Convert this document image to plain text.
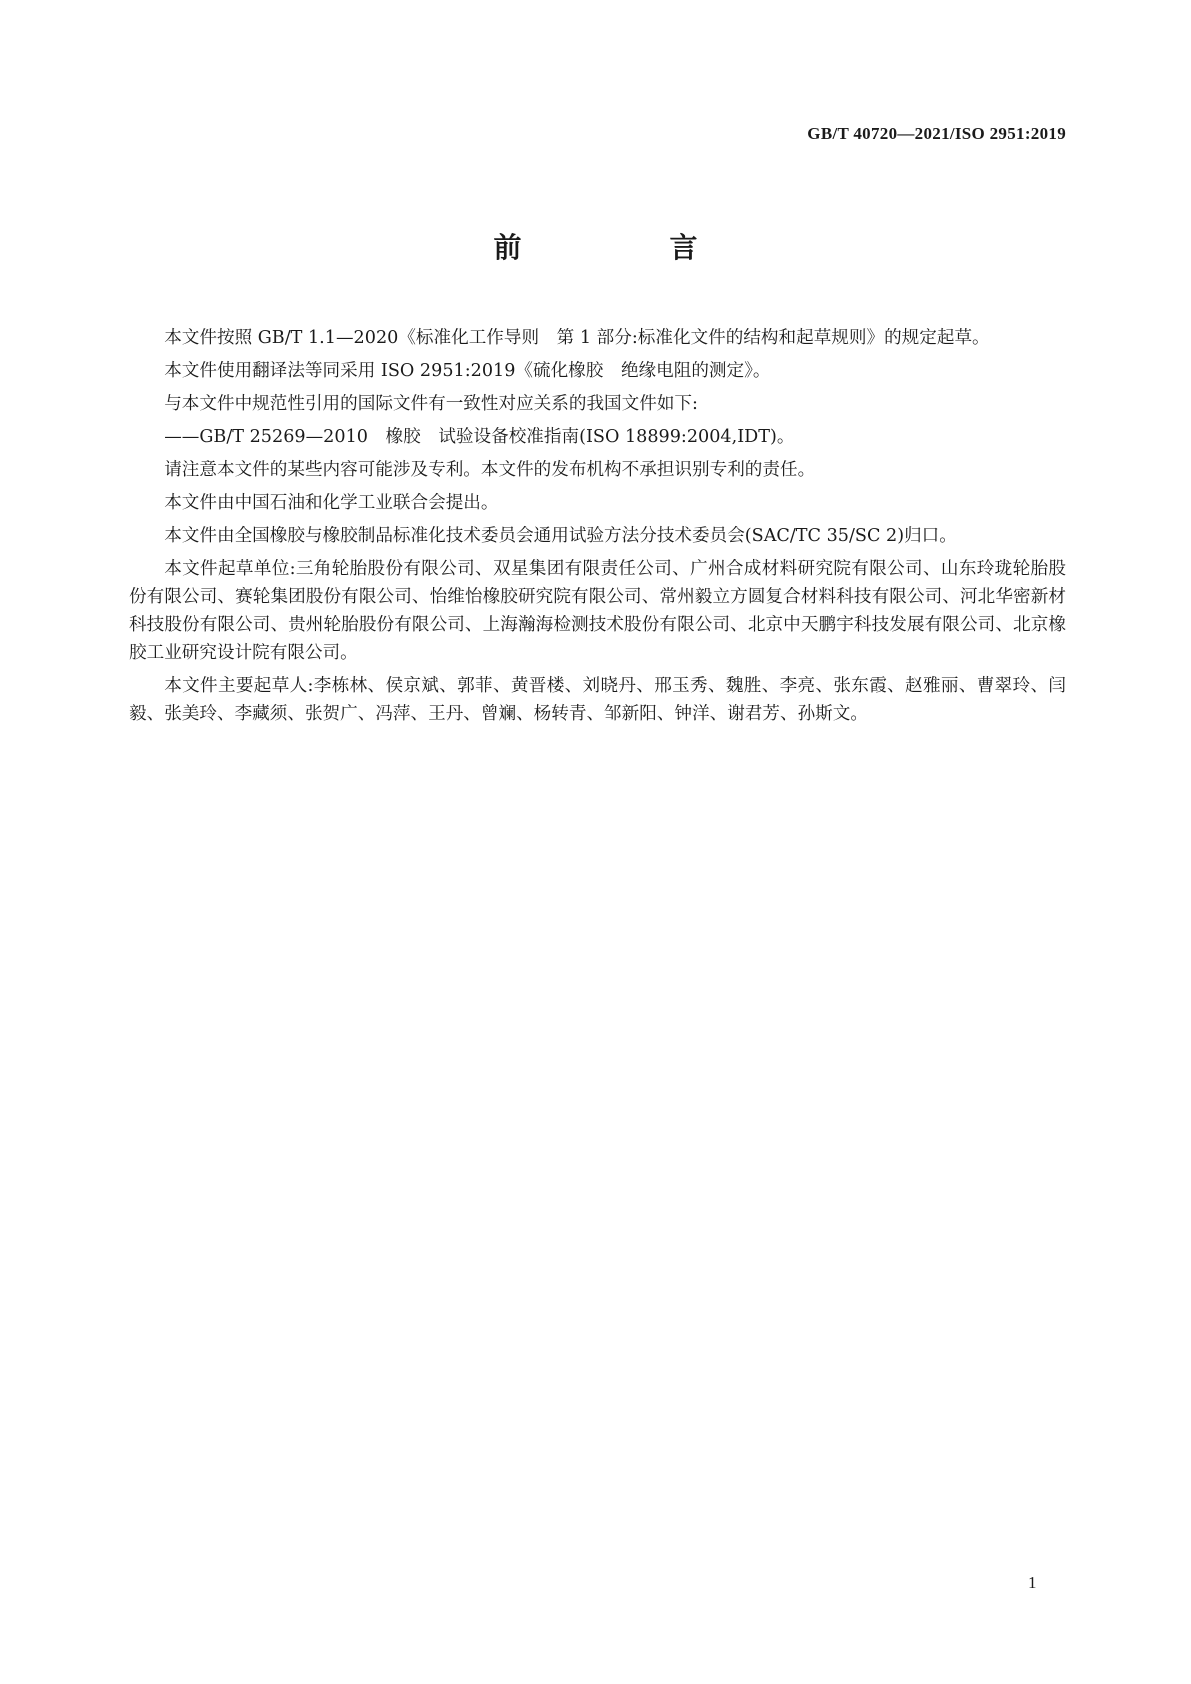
GB/T 40720—2021/ISO 2951:2019
前　言

本文件按照 GB/T 1.1—2020《标准化工作导则　第 1 部分:标准化文件的结构和起草规则》的规定起草。

本文件使用翻译法等同采用 ISO 2951:2019《硫化橡胶　绝缘电阻的测定》。

与本文件中规范性引用的国际文件有一致性对应关系的我国文件如下:

——GB/T 25269—2010　橡胶　试验设备校准指南(ISO 18899:2004,IDT)。

请注意本文件的某些内容可能涉及专利。本文件的发布机构不承担识别专利的责任。

本文件由中国石油和化学工业联合会提出。

本文件由全国橡胶与橡胶制品标准化技术委员会通用试验方法分技术委员会(SAC/TC 35/SC 2)归口。

本文件起草单位:三角轮胎股份有限公司、双星集团有限责任公司、广州合成材料研究院有限公司、山东玲珑轮胎股份有限公司、赛轮集团股份有限公司、怡维怡橡胶研究院有限公司、常州毅立方圆复合材料科技有限公司、河北华密新材科技股份有限公司、贵州轮胎股份有限公司、上海瀚海检测技术股份有限公司、北京中天鹏宇科技发展有限公司、北京橡胶工业研究设计院有限公司。

本文件主要起草人:李栋林、侯京斌、郭菲、黄晋楼、刘晓丹、邢玉秀、魏胜、李亮、张东霞、赵雅丽、曹翠玲、闫毅、张美玲、李藏须、张贺广、冯萍、王丹、曾斓、杨转青、邹新阳、钟洋、谢君芳、孙斯文。

1
